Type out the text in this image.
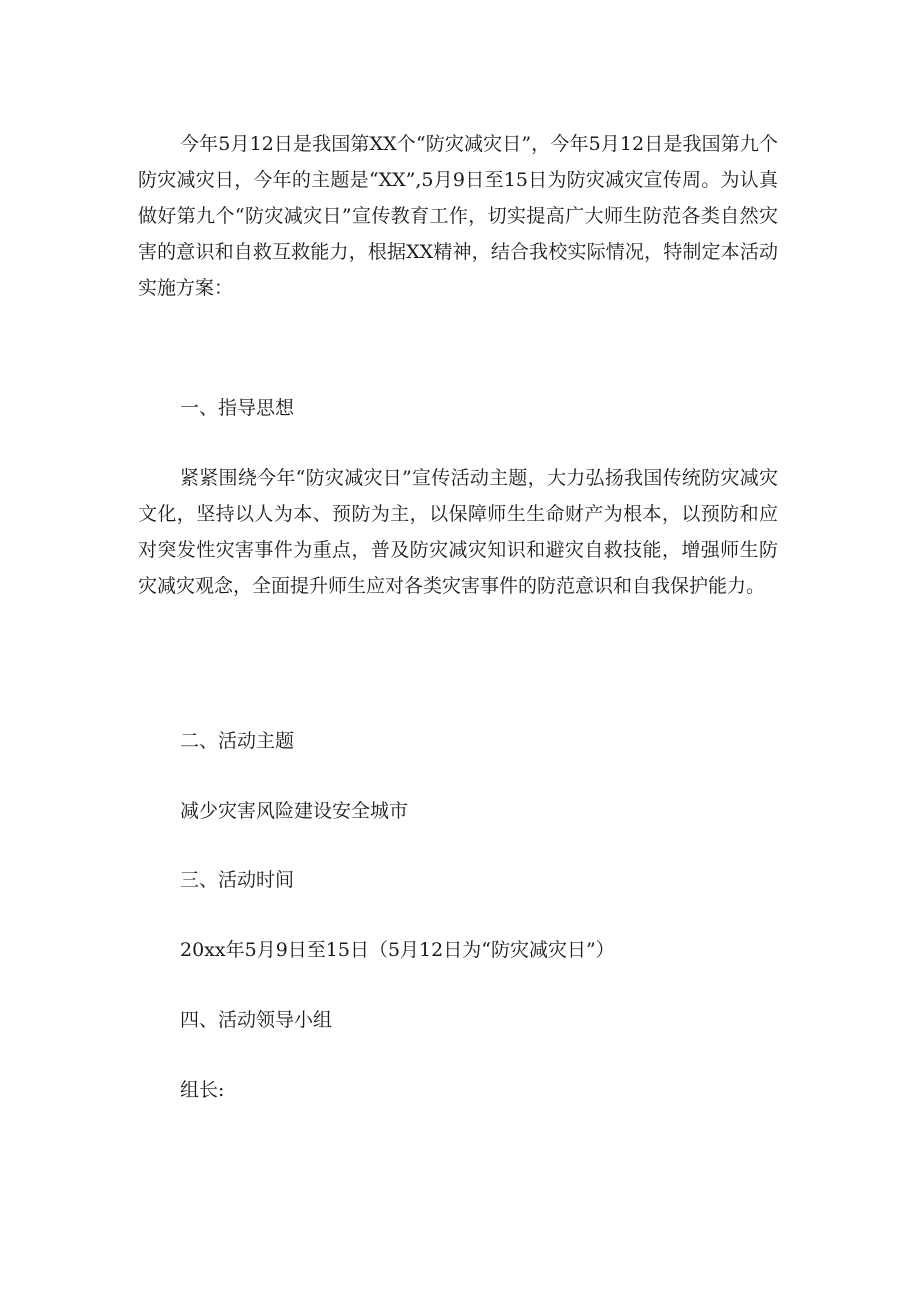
今年5月12日是我国第XX个“防灾减灾日”，今年5月12日是我国第九个防灾减灾日，今年的主题是“XX”,5月9日至15日为防灾减灾宣传周。为认真做好第九个“防灾减灾日”宣传教育工作，切实提高广大师生防范各类自然灾害的意识和自救互救能力，根据XX精神，结合我校实际情况，特制定本活动实施方案：

一、指导思想

紧紧围绕今年“防灾减灾日”宣传活动主题，大力弘扬我国传统防灾减灾文化，坚持以人为本、预防为主，以保障师生生命财产为根本，以预防和应对突发性灾害事件为重点，普及防灾减灾知识和避灾自救技能，增强师生防灾减灾观念，全面提升师生应对各类灾害事件的防范意识和自我保护能力。

二、活动主题

减少灾害风险建设安全城市

三、活动时间

20xx年5月9日至15日（5月12日为“防灾减灾日”）

四、活动领导小组

组长:
